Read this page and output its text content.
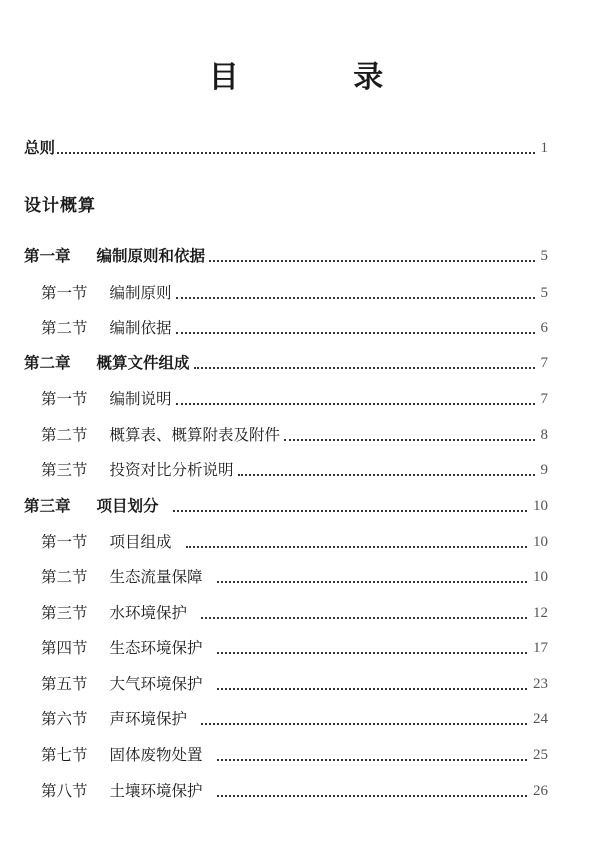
目 录
总则	1
设计概算
第一章 编制原则和依据	5
第一节 编制原则	5
第二节 编制依据	6
第二章 概算文件组成	7
第一节 编制说明	7
第二节 概算表、概算附表及附件	8
第三节 投资对比分析说明	9
第三章 项目划分	10
第一节 项目组成	10
第二节 生态流量保障	10
第三节 水环境保护	12
第四节 生态环境保护	17
第五节 大气环境保护	23
第六节 声环境保护	24
第七节 固体废物处置	25
第八节 土壤环境保护	26
